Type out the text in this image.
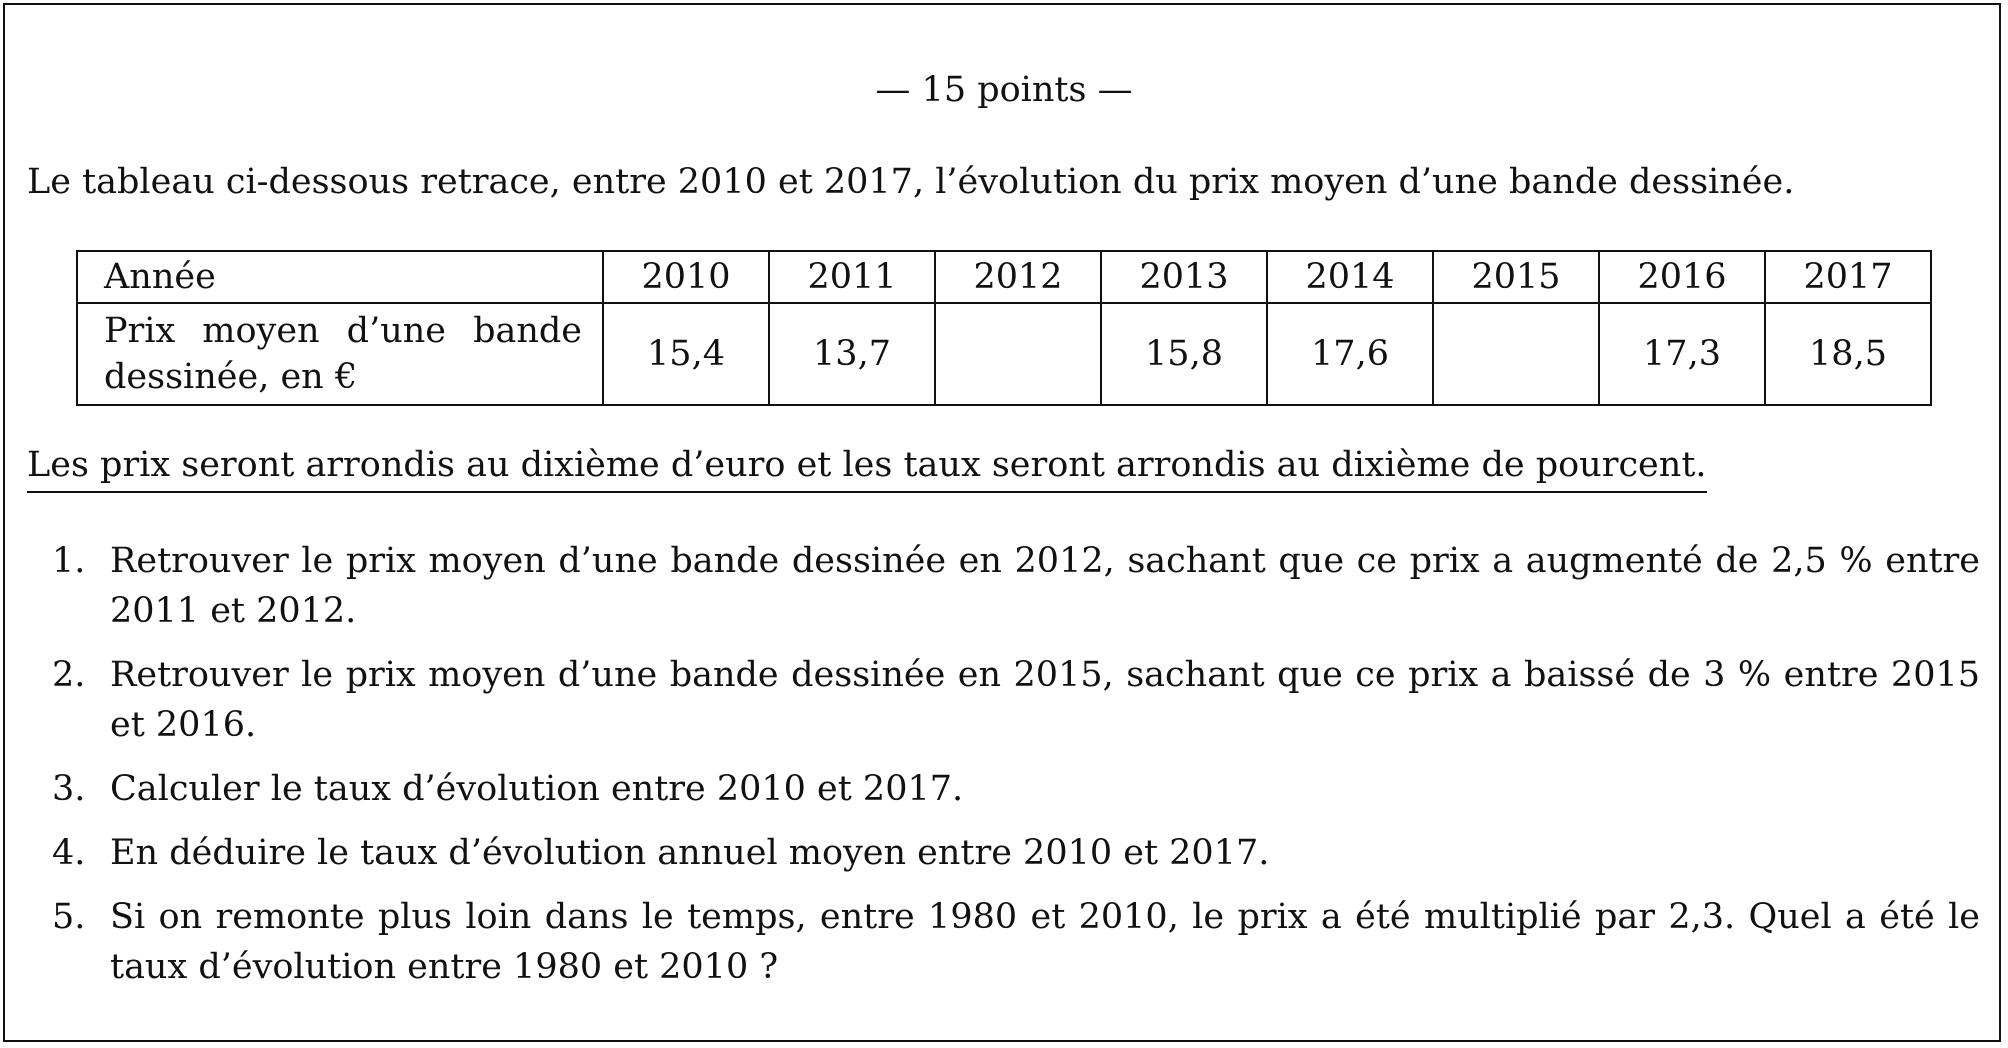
— 15 points —
Le tableau ci-dessous retrace, entre 2010 et 2017, l’évolution du prix moyen d’une bande dessinée.
Année	2010	2011	2012	2013	2014	2015	2016	2017

Prix moyen d’une bande dessinée, en €	15,4	13,7		15,8	17,6		17,3	18,5
Les prix seront arrondis au dixième d’euro et les taux seront arrondis au dixième de pourcent.
1. Retrouver le prix moyen d’une bande dessinée en 2012, sachant que ce prix a augmenté de 2,5 % entre 2011 et 2012.
2. Retrouver le prix moyen d’une bande dessinée en 2015, sachant que ce prix a baissé de 3 % entre 2015 et 2016.
3. Calculer le taux d’évolution entre 2010 et 2017.
4. En déduire le taux d’évolution annuel moyen entre 2010 et 2017.
5. Si on remonte plus loin dans le temps, entre 1980 et 2010, le prix a été multiplié par 2,3. Quel a été le taux d’évolution entre 1980 et 2010 ?
